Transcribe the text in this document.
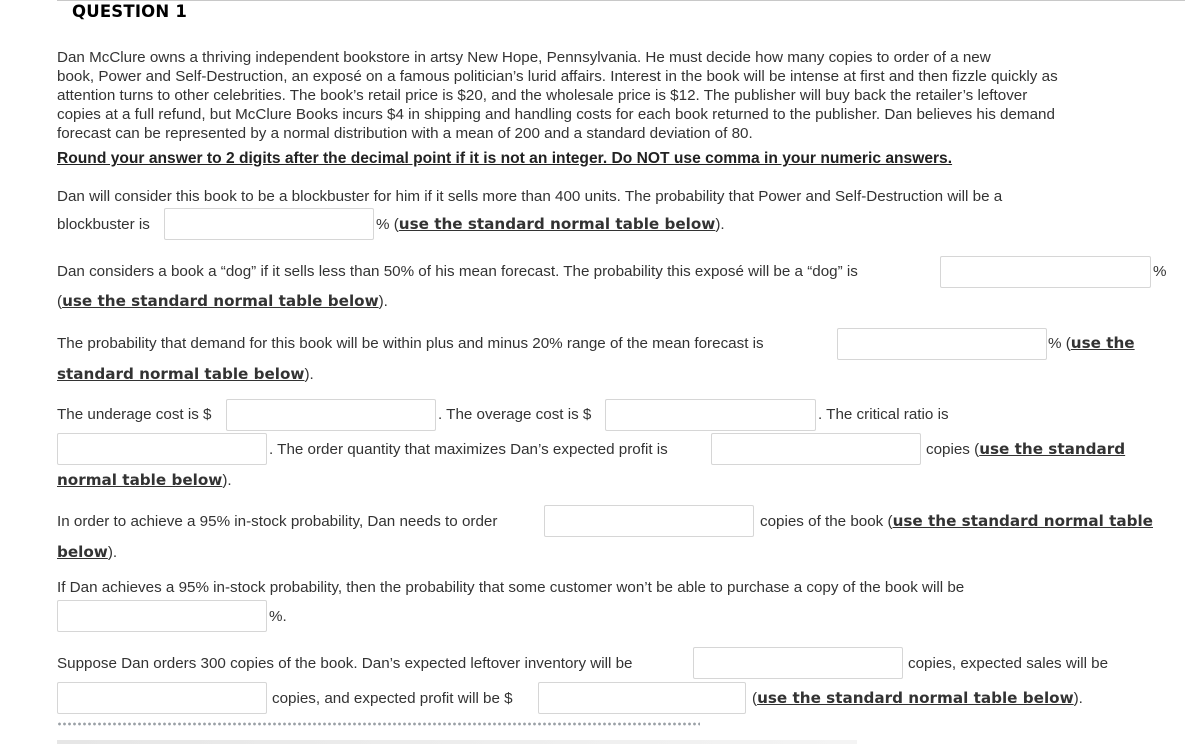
QUESTION 1
Dan McClure owns a thriving independent bookstore in artsy New Hope, Pennsylvania. He must decide how many copies to order of a new
book, Power and Self-Destruction, an exposé on a famous politician’s lurid affairs. Interest in the book will be intense at first and then fizzle quickly as
attention turns to other celebrities. The book’s retail price is $20, and the wholesale price is $12. The publisher will buy back the retailer’s leftover
copies at a full refund, but McClure Books incurs $4 in shipping and handling costs for each book returned to the publisher. Dan believes his demand
forecast can be represented by a normal distribution with a mean of 200 and a standard deviation of 80.
Round your answer to 2 digits after the decimal point if it is not an integer. Do NOT use comma in your numeric answers.
Dan will consider this book to be a blockbuster for him if it sells more than 400 units. The probability that Power and Self-Destruction will be a
blockbuster is	% (use the standard normal table below).
Dan considers a book a “dog” if it sells less than 50% of his mean forecast. The probability this exposé will be a “dog” is	%
(use the standard normal table below).
The probability that demand for this book will be within plus and minus 20% range of the mean forecast is	% (use the
standard normal table below).
The underage cost is $	. The overage cost is $	. The critical ratio is
. The order quantity that maximizes Dan’s expected profit is	copies (use the standard
normal table below).
In order to achieve a 95% in-stock probability, Dan needs to order	copies of the book (use the standard normal table
below).
If Dan achieves a 95% in-stock probability, then the probability that some customer won’t be able to purchase a copy of the book will be
%.
Suppose Dan orders 300 copies of the book. Dan’s expected leftover inventory will be	copies, expected sales will be
copies, and expected profit will be $	(use the standard normal table below).
